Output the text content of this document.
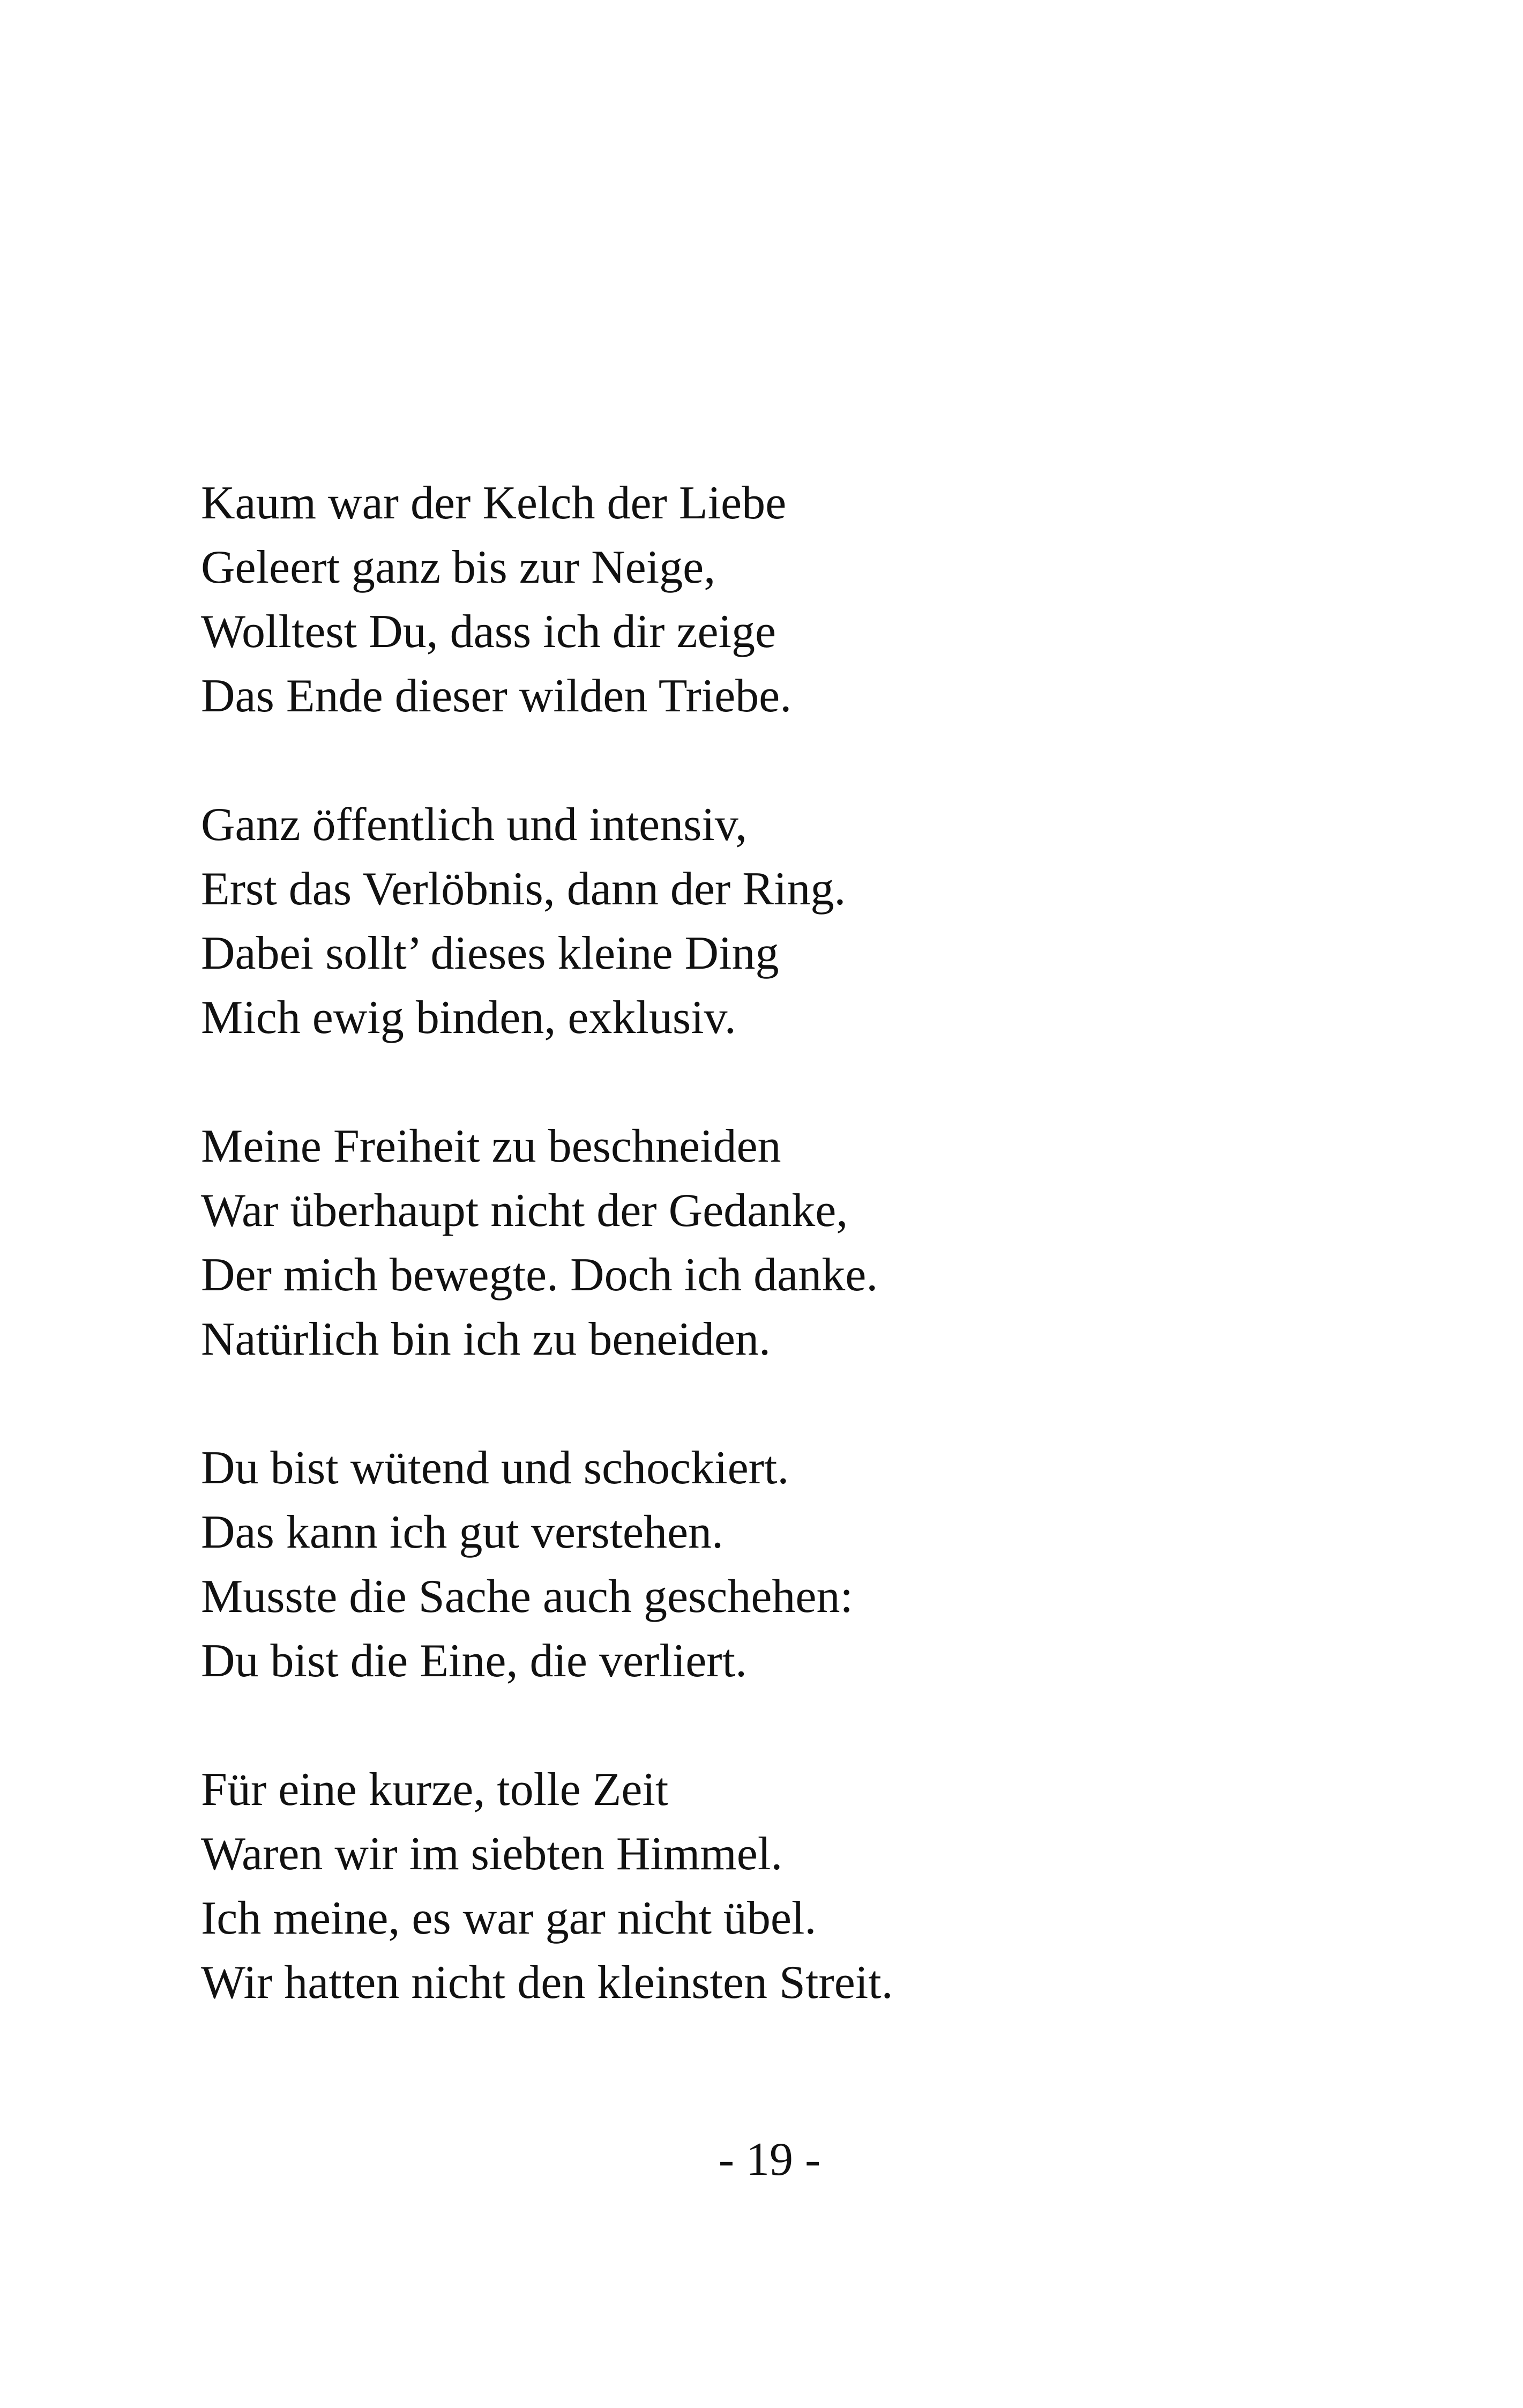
Kaum war der Kelch der Liebe
Geleert ganz bis zur Neige,
Wolltest Du, dass ich dir zeige
Das Ende dieser wilden Triebe.
Ganz öffentlich und intensiv,
Erst das Verlöbnis, dann der Ring.
Dabei sollt’ dieses kleine Ding
Mich ewig binden, exklusiv.
Meine Freiheit zu beschneiden
War überhaupt nicht der Gedanke,
Der mich bewegte. Doch ich danke.
Natürlich bin ich zu beneiden.
Du bist wütend und schockiert.
Das kann ich gut verstehen.
Musste die Sache auch geschehen:
Du bist die Eine, die verliert.
Für eine kurze, tolle Zeit
Waren wir im siebten Himmel.
Ich meine, es war gar nicht übel.
Wir hatten nicht den kleinsten Streit.
- 19 -
